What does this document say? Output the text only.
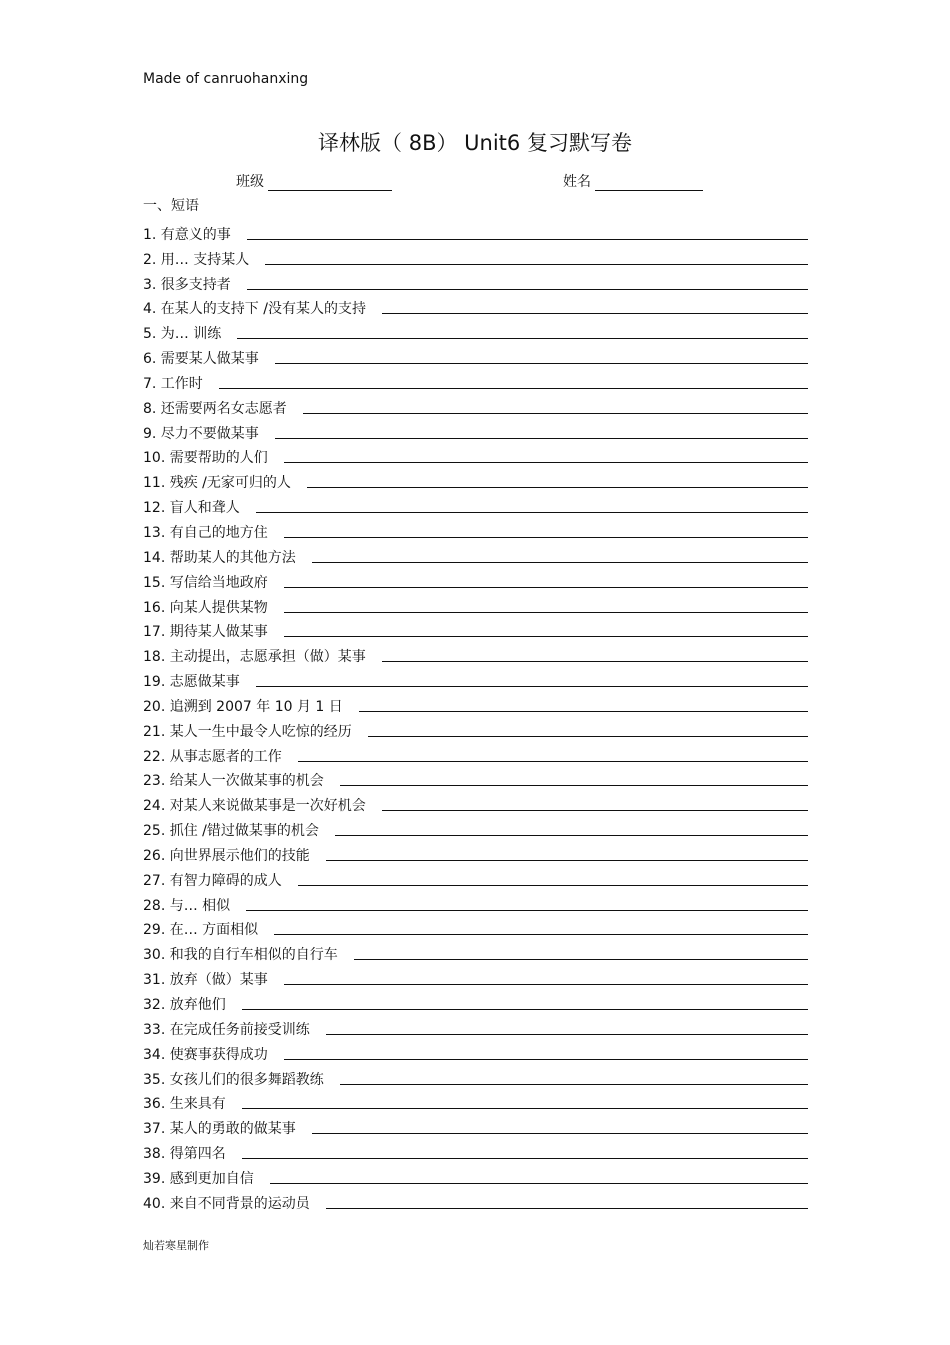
Made of canruohanxing
译林版（ 8B） Unit6 复习默写卷
班级	姓名
一、短语
1. 有意义的事
2. 用… 支持某人
3. 很多支持者
4. 在某人的支持下 /没有某人的支持
5. 为… 训练
6. 需要某人做某事
7. 工作时
8. 还需要两名女志愿者
9. 尽力不要做某事
10. 需要帮助的人们
11. 残疾 /无家可归的人
12. 盲人和聋人
13. 有自己的地方住
14. 帮助某人的其他方法
15. 写信给当地政府
16. 向某人提供某物
17. 期待某人做某事
18. 主动提出，志愿承担（做）某事
19. 志愿做某事
20. 追溯到 2007 年 10 月 1 日
21. 某人一生中最令人吃惊的经历
22. 从事志愿者的工作
23. 给某人一次做某事的机会
24. 对某人来说做某事是一次好机会
25. 抓住 /错过做某事的机会
26. 向世界展示他们的技能
27. 有智力障碍的成人
28. 与… 相似
29. 在… 方面相似
30. 和我的自行车相似的自行车
31. 放弃（做）某事
32. 放弃他们
33. 在完成任务前接受训练
34. 使赛事获得成功
35. 女孩儿们的很多舞蹈教练
36. 生来具有
37. 某人的勇敢的做某事
38. 得第四名
39. 感到更加自信
40. 来自不同背景的运动员
灿若寒星制作
